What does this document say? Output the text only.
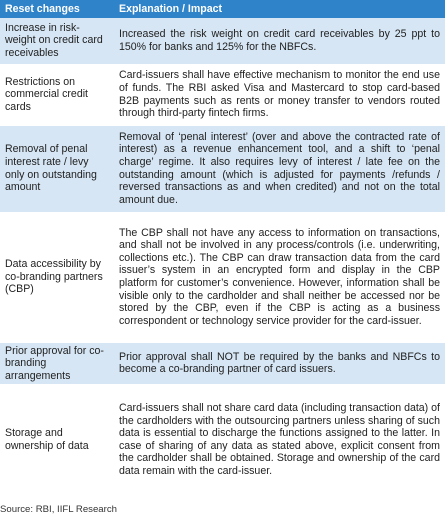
Reset changes	Explanation / Impact
Increase in risk-weight on credit card receivables	Increased the risk weight on credit card receivables by 25 ppt to 150% for banks and 125% for the NBFCs.
Restrictions on commercial credit cards	Card-issuers shall have effective mechanism to monitor the end use of funds. The RBI asked Visa and Mastercard to stop card-based B2B payments such as rents or money transfer to vendors routed through third-party fintech firms.
Removal of penal interest rate / levy only on outstanding amount	Removal of ‘penal interest’ (over and above the contracted rate of interest) as a revenue enhancement tool, and a shift to ‘penal charge’ regime. It also requires levy of interest / late fee on the outstanding amount (which is adjusted for payments /refunds / reversed transactions as and when credited) and not on the total amount due.
Data accessibility by co-branding partners (CBP)	The CBP shall not have any access to information on transactions, and shall not be involved in any process/controls (i.e. underwriting, collections etc.). The CBP can draw transaction data from the card issuer’s system in an encrypted form and display in the CBP platform for customer’s convenience. However, information shall be visible only to the cardholder and shall neither be accessed nor be stored by the CBP, even if the CBP is acting as a business correspondent or technology service provider for the card-issuer.
Prior approval for co-branding arrangements	Prior approval shall NOT be required by the banks and NBFCs to become a co-branding partner of card issuers.
Storage and ownership of data	Card-issuers shall not share card data (including transaction data) of the cardholders with the outsourcing partners unless sharing of such data is essential to discharge the functions assigned to the latter. In case of sharing of any data as stated above, explicit consent from the cardholder shall be obtained. Storage and ownership of the card data remain with the card-issuer.
Source: RBI, IIFL Research
